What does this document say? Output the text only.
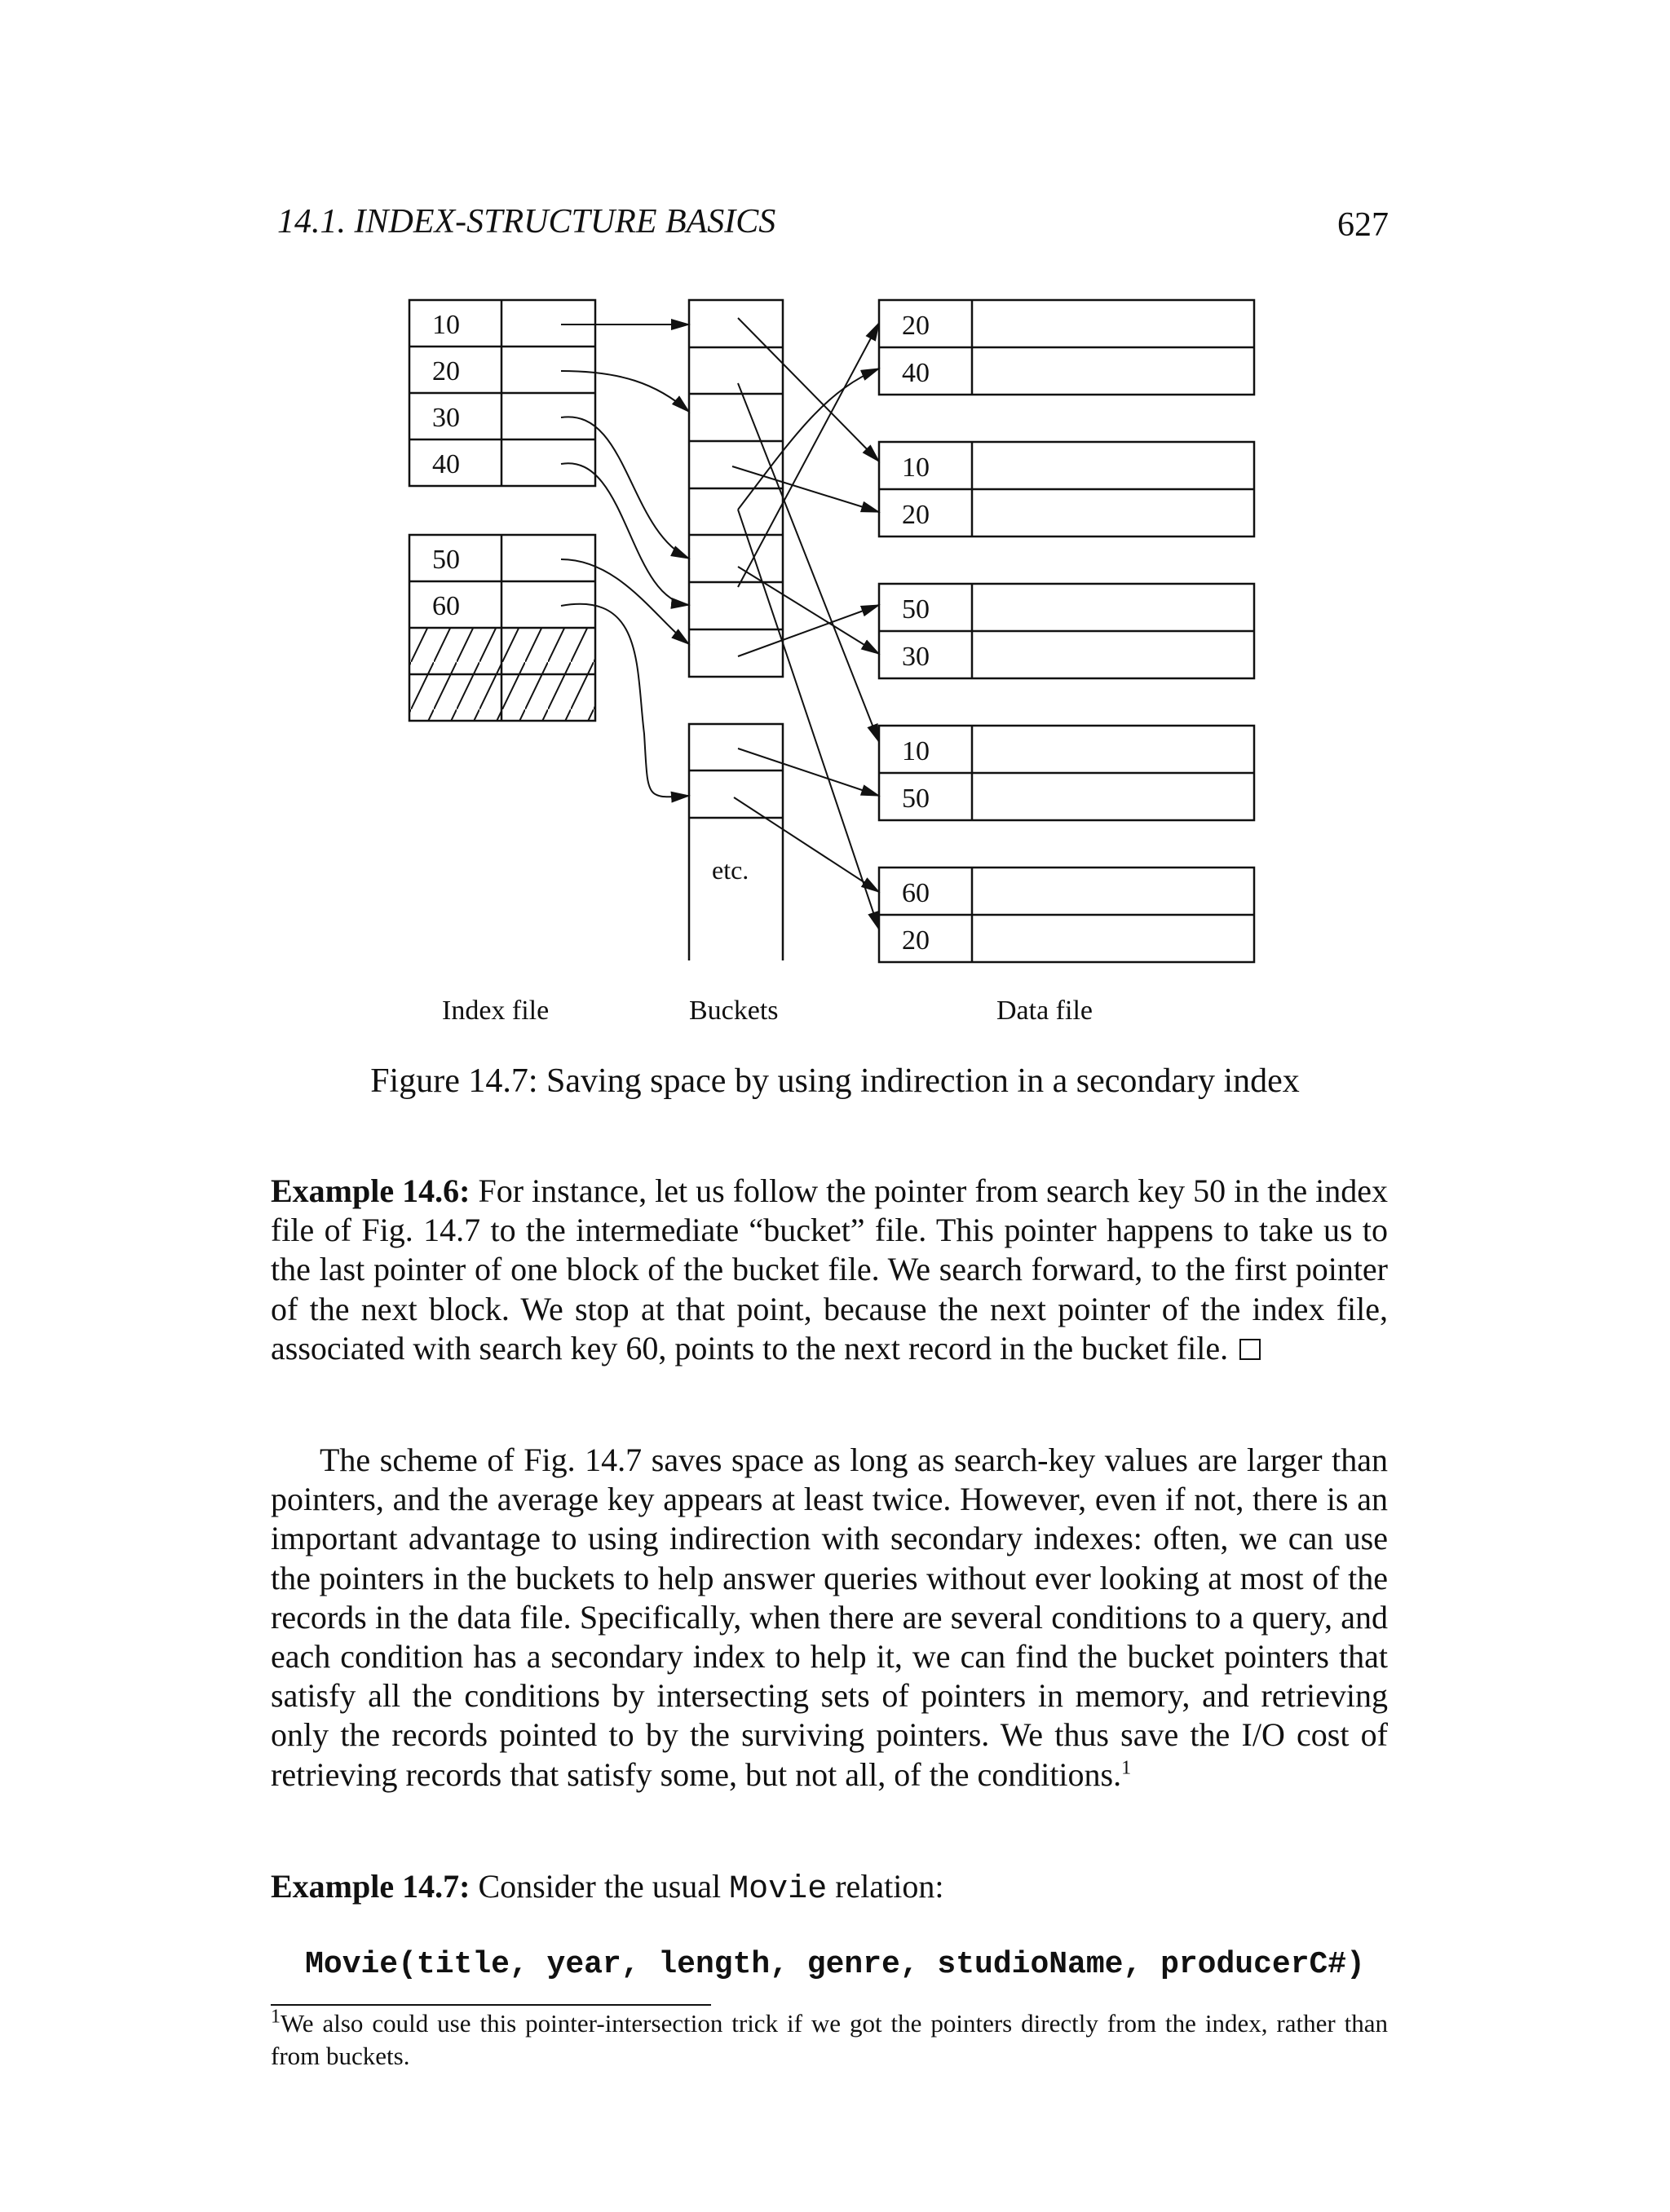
14.1. INDEX-STRUCTURE BASICS	627
10
20
30
40
50
60
etc.
20
40
10
20
50
30
10
50
60
20
Index file	Buckets	Data file
Figure 14.7: Saving space by using indirection in a secondary index
Example 14.6: For instance, let us follow the pointer from search key 50 in the index file of Fig. 14.7 to the intermediate “bucket” file. This pointer happens to take us to the last pointer of one block of the bucket file. We search forward, to the first pointer of the next block. We stop at that point, because the next pointer of the index file, associated with search key 60, points to the next record in the bucket file.
The scheme of Fig. 14.7 saves space as long as search-key values are larger than pointers, and the average key appears at least twice. However, even if not, there is an important advantage to using indirection with secondary indexes: often, we can use the pointers in the buckets to help answer queries without ever looking at most of the records in the data file. Specifically, when there are several conditions to a query, and each condition has a secondary index to help it, we can find the bucket pointers that satisfy all the conditions by intersecting sets of pointers in memory, and retrieving only the records pointed to by the surviving pointers. We thus save the I/O cost of retrieving records that satisfy some, but not all, of the conditions.$^1$
Example 14.7: Consider the usual Movie relation:
Movie(title, year, length, genre, studioName, producerC#)
$^1$We also could use this pointer-intersection trick if we got the pointers directly from the index, rather than from buckets.
